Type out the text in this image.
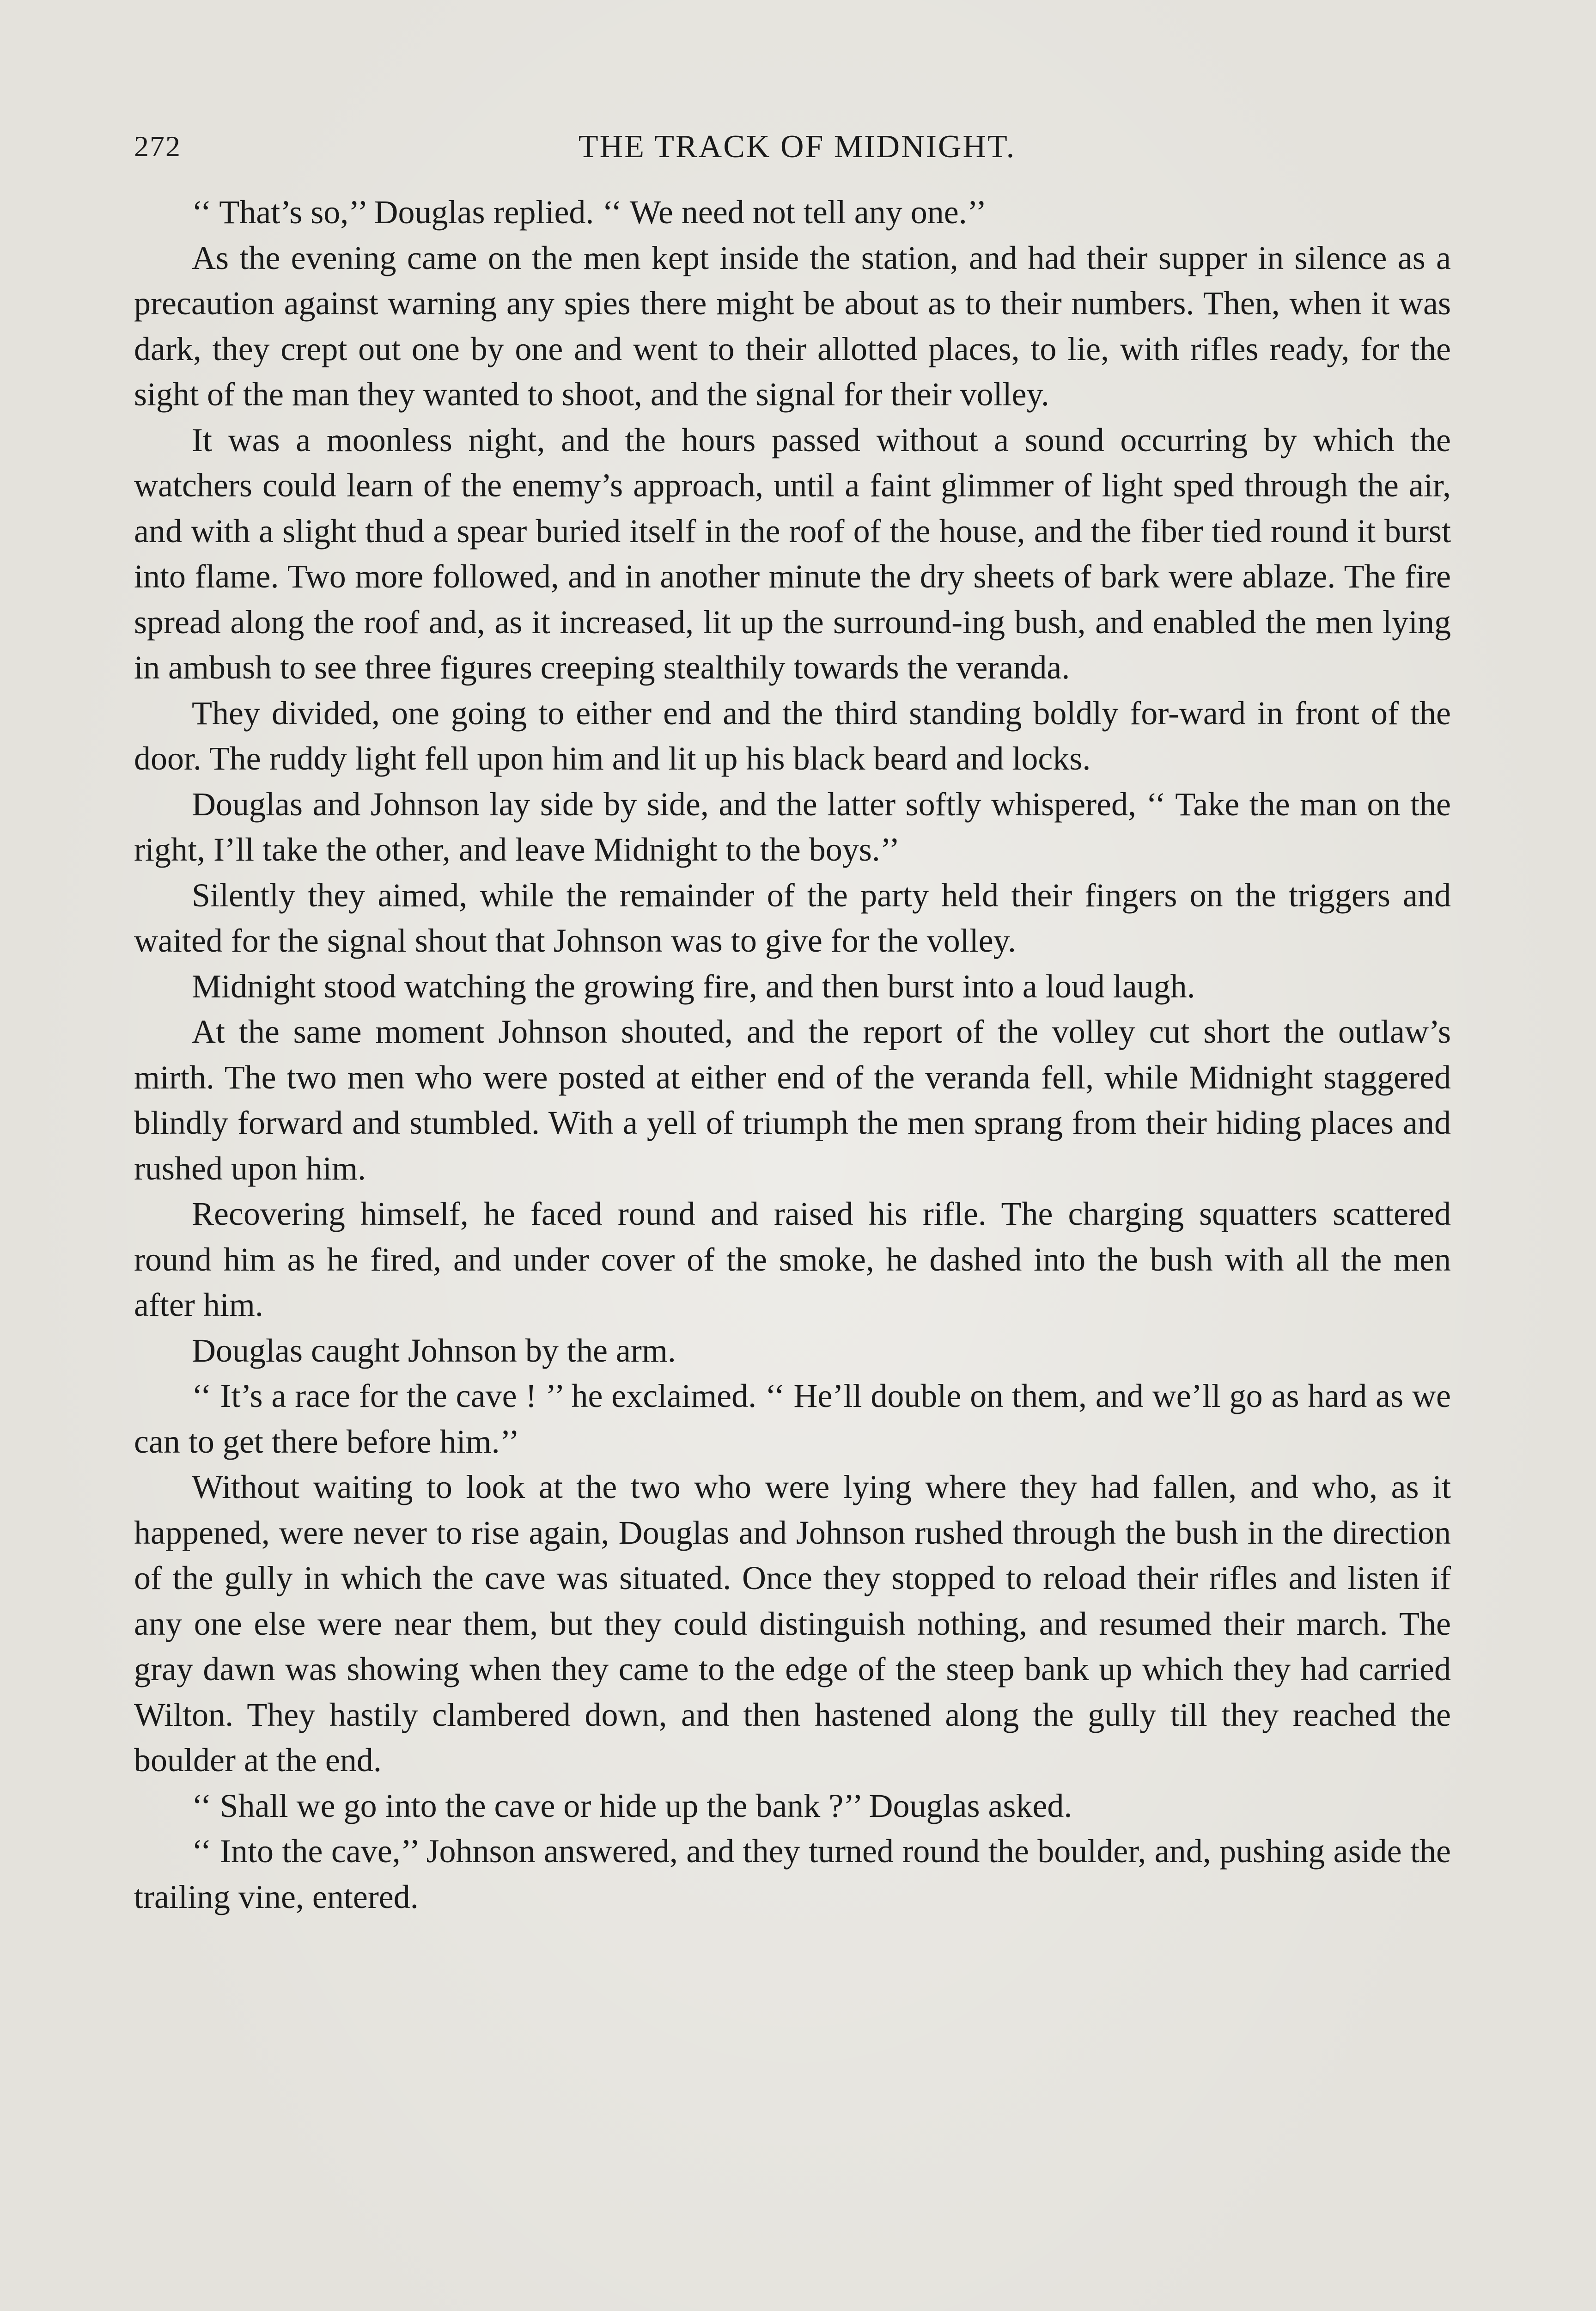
272	THE TRACK OF MIDNIGHT.

‘‘ That’s so,’’ Douglas replied. ‘‘ We need not tell any one.’’

As the evening came on the men kept inside the station, and had their supper in silence as a precaution against warning any spies there might be about as to their numbers. Then, when it was dark, they crept out one by one and went to their allotted places, to lie, with rifles ready, for the sight of the man they wanted to shoot, and the signal for their volley.

It was a moonless night, and the hours passed without a sound occurring by which the watchers could learn of the enemy’s approach, until a faint glimmer of light sped through the air, and with a slight thud a spear buried itself in the roof of the house, and the fiber tied round it burst into flame. Two more followed, and in another minute the dry sheets of bark were ablaze. The fire spread along the roof and, as it increased, lit up the surround-ing bush, and enabled the men lying in ambush to see three figures creeping stealthily towards the veranda.

They divided, one going to either end and the third standing boldly for-ward in front of the door. The ruddy light fell upon him and lit up his black beard and locks.

Douglas and Johnson lay side by side, and the latter softly whispered, ‘‘ Take the man on the right, I’ll take the other, and leave Midnight to the boys.’’

Silently they aimed, while the remainder of the party held their fingers on the triggers and waited for the signal shout that Johnson was to give for the volley.

Midnight stood watching the growing fire, and then burst into a loud laugh.

At the same moment Johnson shouted, and the report of the volley cut short the outlaw’s mirth. The two men who were posted at either end of the veranda fell, while Midnight staggered blindly forward and stumbled. With a yell of triumph the men sprang from their hiding places and rushed upon him.

Recovering himself, he faced round and raised his rifle. The charging squatters scattered round him as he fired, and under cover of the smoke, he dashed into the bush with all the men after him.

Douglas caught Johnson by the arm.

‘‘ It’s a race for the cave ! ’’ he exclaimed. ‘‘ He’ll double on them, and we’ll go as hard as we can to get there before him.’’

Without waiting to look at the two who were lying where they had fallen, and who, as it happened, were never to rise again, Douglas and Johnson rushed through the bush in the direction of the gully in which the cave was situated. Once they stopped to reload their rifles and listen if any one else were near them, but they could distinguish nothing, and resumed their march. The gray dawn was showing when they came to the edge of the steep bank up which they had carried Wilton. They hastily clambered down, and then hastened along the gully till they reached the boulder at the end.

‘‘ Shall we go into the cave or hide up the bank ?’’ Douglas asked.

‘‘ Into the cave,’’ Johnson answered, and they turned round the boulder, and, pushing aside the trailing vine, entered.
